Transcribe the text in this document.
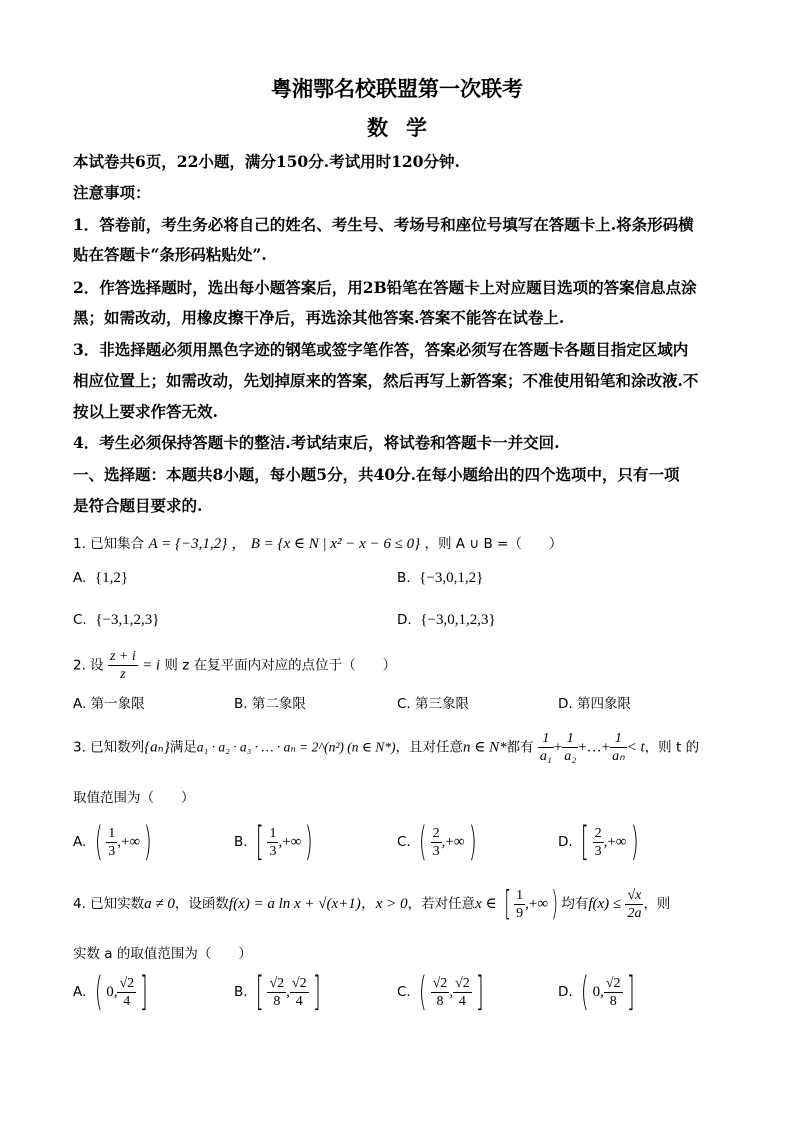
粤湘鄂名校联盟第一次联考
数学
本试卷共6页，22小题，满分150分.考试用时120分钟.
注意事项：
1．答卷前，考生务必将自己的姓名、考生号、考场号和座位号填写在答题卡上.将条形码横
贴在答题卡“条形码粘贴处”.
2．作答选择题时，选出每小题答案后，用2B铅笔在答题卡上对应题目选项的答案信息点涂
黑；如需改动，用橡皮擦干净后，再选涂其他答案.答案不能答在试卷上.
3．非选择题必须用黑色字迹的钢笔或签字笔作答，答案必须写在答题卡各题目指定区域内
相应位置上；如需改动，先划掉原来的答案，然后再写上新答案；不准使用铅笔和涂改液.不
按以上要求作答无效.
4．考生必须保持答题卡的整洁.考试结束后，将试卷和答题卡一并交回.
一、选择题：本题共8小题，每小题5分，共40分.在每小题给出的四个选项中，只有一项
是符合题目要求的.
1. 已知集合 A = {−3,1,2} ， B = {x ∈ N | x² − x − 6 ≤ 0} ，则 A ∪ B =（　　）
A. {1,2}	B. {−3,0,1,2}
C. {−3,1,2,3}	D. {−3,0,1,2,3}
2. 设 $\frac{z + i}{z} = i$ 则 z 在复平面内对应的点位于（　　）
A. 第一象限	B. 第二象限	C. 第三象限	D. 第四象限
3. 已知数列{aₙ}满足a₁ · a₂ · a₃ · … · aₙ = 2^(n²) (n ∈ N*)，且对任意n ∈ N*都有 $\frac{1}{\text{a₁}} + \frac{1}{\text{a₂}}$ +…+ $\frac{1}{\text{aₙ}} < t$，则 t 的
取值范围为（　　）
A. ( $\frac{1}{3}$ ,+∞)	B. [ $\frac{1}{3}$ ,+∞)	C. ( $\frac{2}{3}$ ,+∞)	D. [ $\frac{2}{3}$ ,+∞)
4. 已知实数a ≠ 0，设函数f(x) = a ln x + √(x+1)，x > 0，若对任意x ∈ [ $\frac{1}{9}$ ,+∞) 均有$f(x) \le \frac{√x}{2a}$ ，则
实数 a 的取值范围为（　　）
A. ( 0, $\frac{√2}{4}$ ]	B. [ $\frac{√2}{8}$ , $\frac{√2}{4}$ ]	C. ( $\frac{√2}{8}$ , $\frac{√2}{4}$ ]	D. ( 0, $\frac{√2}{8}$ ]
